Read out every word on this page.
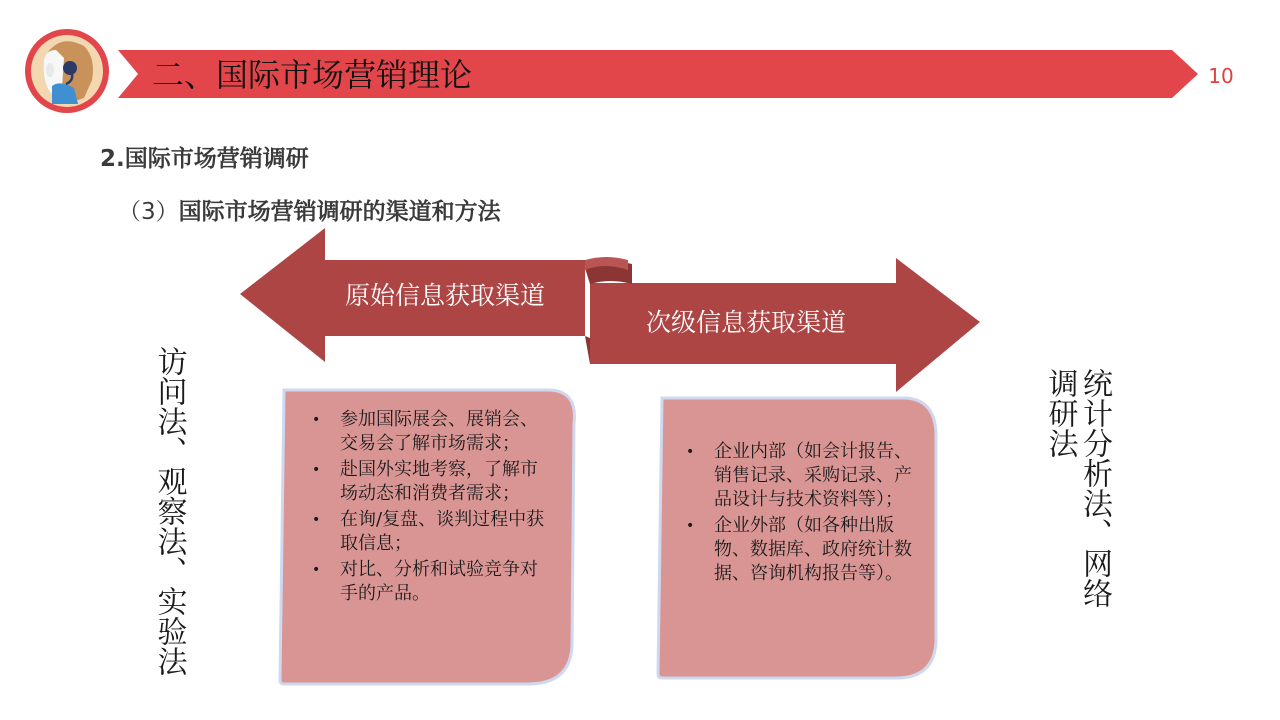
二、国际市场营销理论	10
2.国际市场营销调研
（3）国际市场营销调研的渠道和方法
原始信息获取渠道
次级信息获取渠道
访问法、观察法、实验法	统计分析法、网络
调研法
• 参加国际展会、展销会、交易会了解市场需求；
• 赴国外实地考察，了解市场动态和消费者需求；
• 在询/复盘、谈判过程中获取信息；
• 对比、分析和试验竞争对手的产品。
• 企业内部（如会计报告、销售记录、采购记录、产品设计与技术资料等）；
• 企业外部（如各种出版物、数据库、政府统计数据、咨询机构报告等）。
